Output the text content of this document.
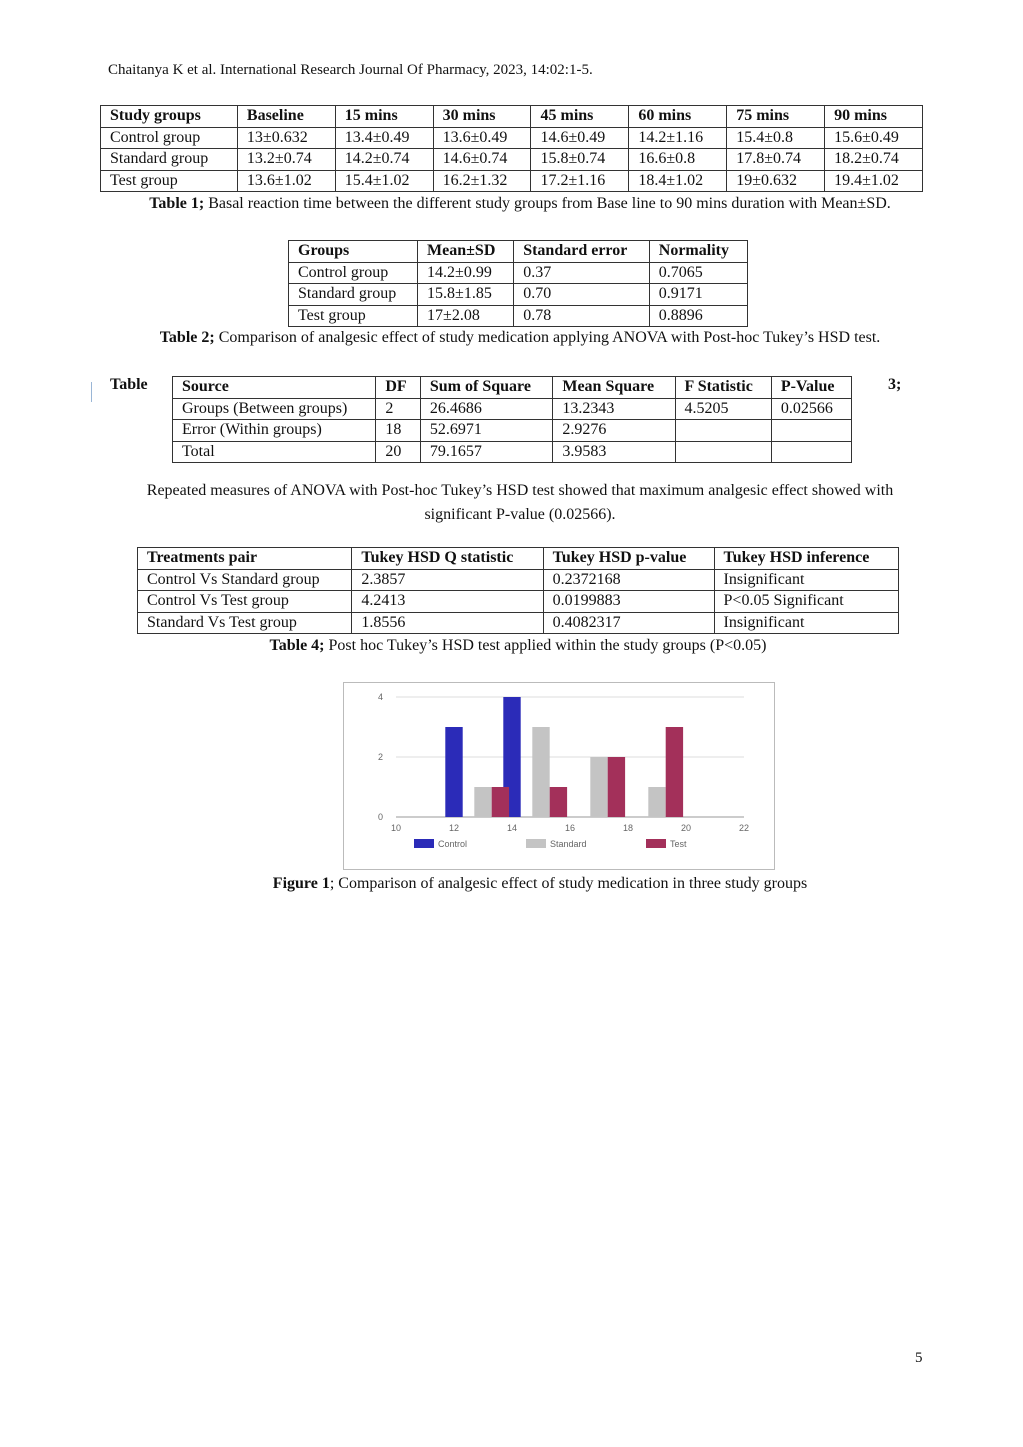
Chaitanya K et al. International Research Journal Of Pharmacy, 2023, 14:02:1-5.
Study groups	Baseline	15 mins	30 mins	45 mins	60 mins	75 mins	90 mins
Control group	13±0.632	13.4±0.49	13.6±0.49	14.6±0.49	14.2±1.16	15.4±0.8	15.6±0.49
Standard group	13.2±0.74	14.2±0.74	14.6±0.74	15.8±0.74	16.6±0.8	17.8±0.74	18.2±0.74
Test group	13.6±1.02	15.4±1.02	16.2±1.32	17.2±1.16	18.4±1.02	19±0.632	19.4±1.02
Table 1; Basal reaction time between the different study groups from Base line to 90 mins duration with Mean±SD.
Groups	Mean±SD	Standard error	Normality
Control group	14.2±0.99	0.37	0.7065
Standard group	15.8±1.85	0.70	0.9171
Test group	17±2.08	0.78	0.8896
Table 2; Comparison of analgesic effect of study medication applying ANOVA with Post-hoc Tukey’s HSD test.
Table	3;
Source	DF	Sum of Square	Mean Square	F Statistic	P-Value
Groups (Between groups)	2	26.4686	13.2343	4.5205	0.02566
Error (Within groups)	18	52.6971	2.9276		
Total	20	79.1657	3.9583		
Repeated measures of ANOVA with Post-hoc Tukey’s HSD test showed that maximum analgesic effect showed with significant P-value (0.02566).
Treatments pair	Tukey HSD Q statistic	Tukey HSD p-value	Tukey HSD inference
Control Vs Standard group	2.3857	0.2372168	Insignificant
Control Vs Test group	4.2413	0.0199883	P<0.05 Significant
Standard Vs Test group	1.8556	0.4082317	Insignificant
Table 4; Post hoc Tukey’s HSD test applied within the study groups (P<0.05)
0
2
4
10	12	14	16	18	20	22
Control	Standard	Test
Figure 1; Comparison of analgesic effect of study medication in three study groups
5
